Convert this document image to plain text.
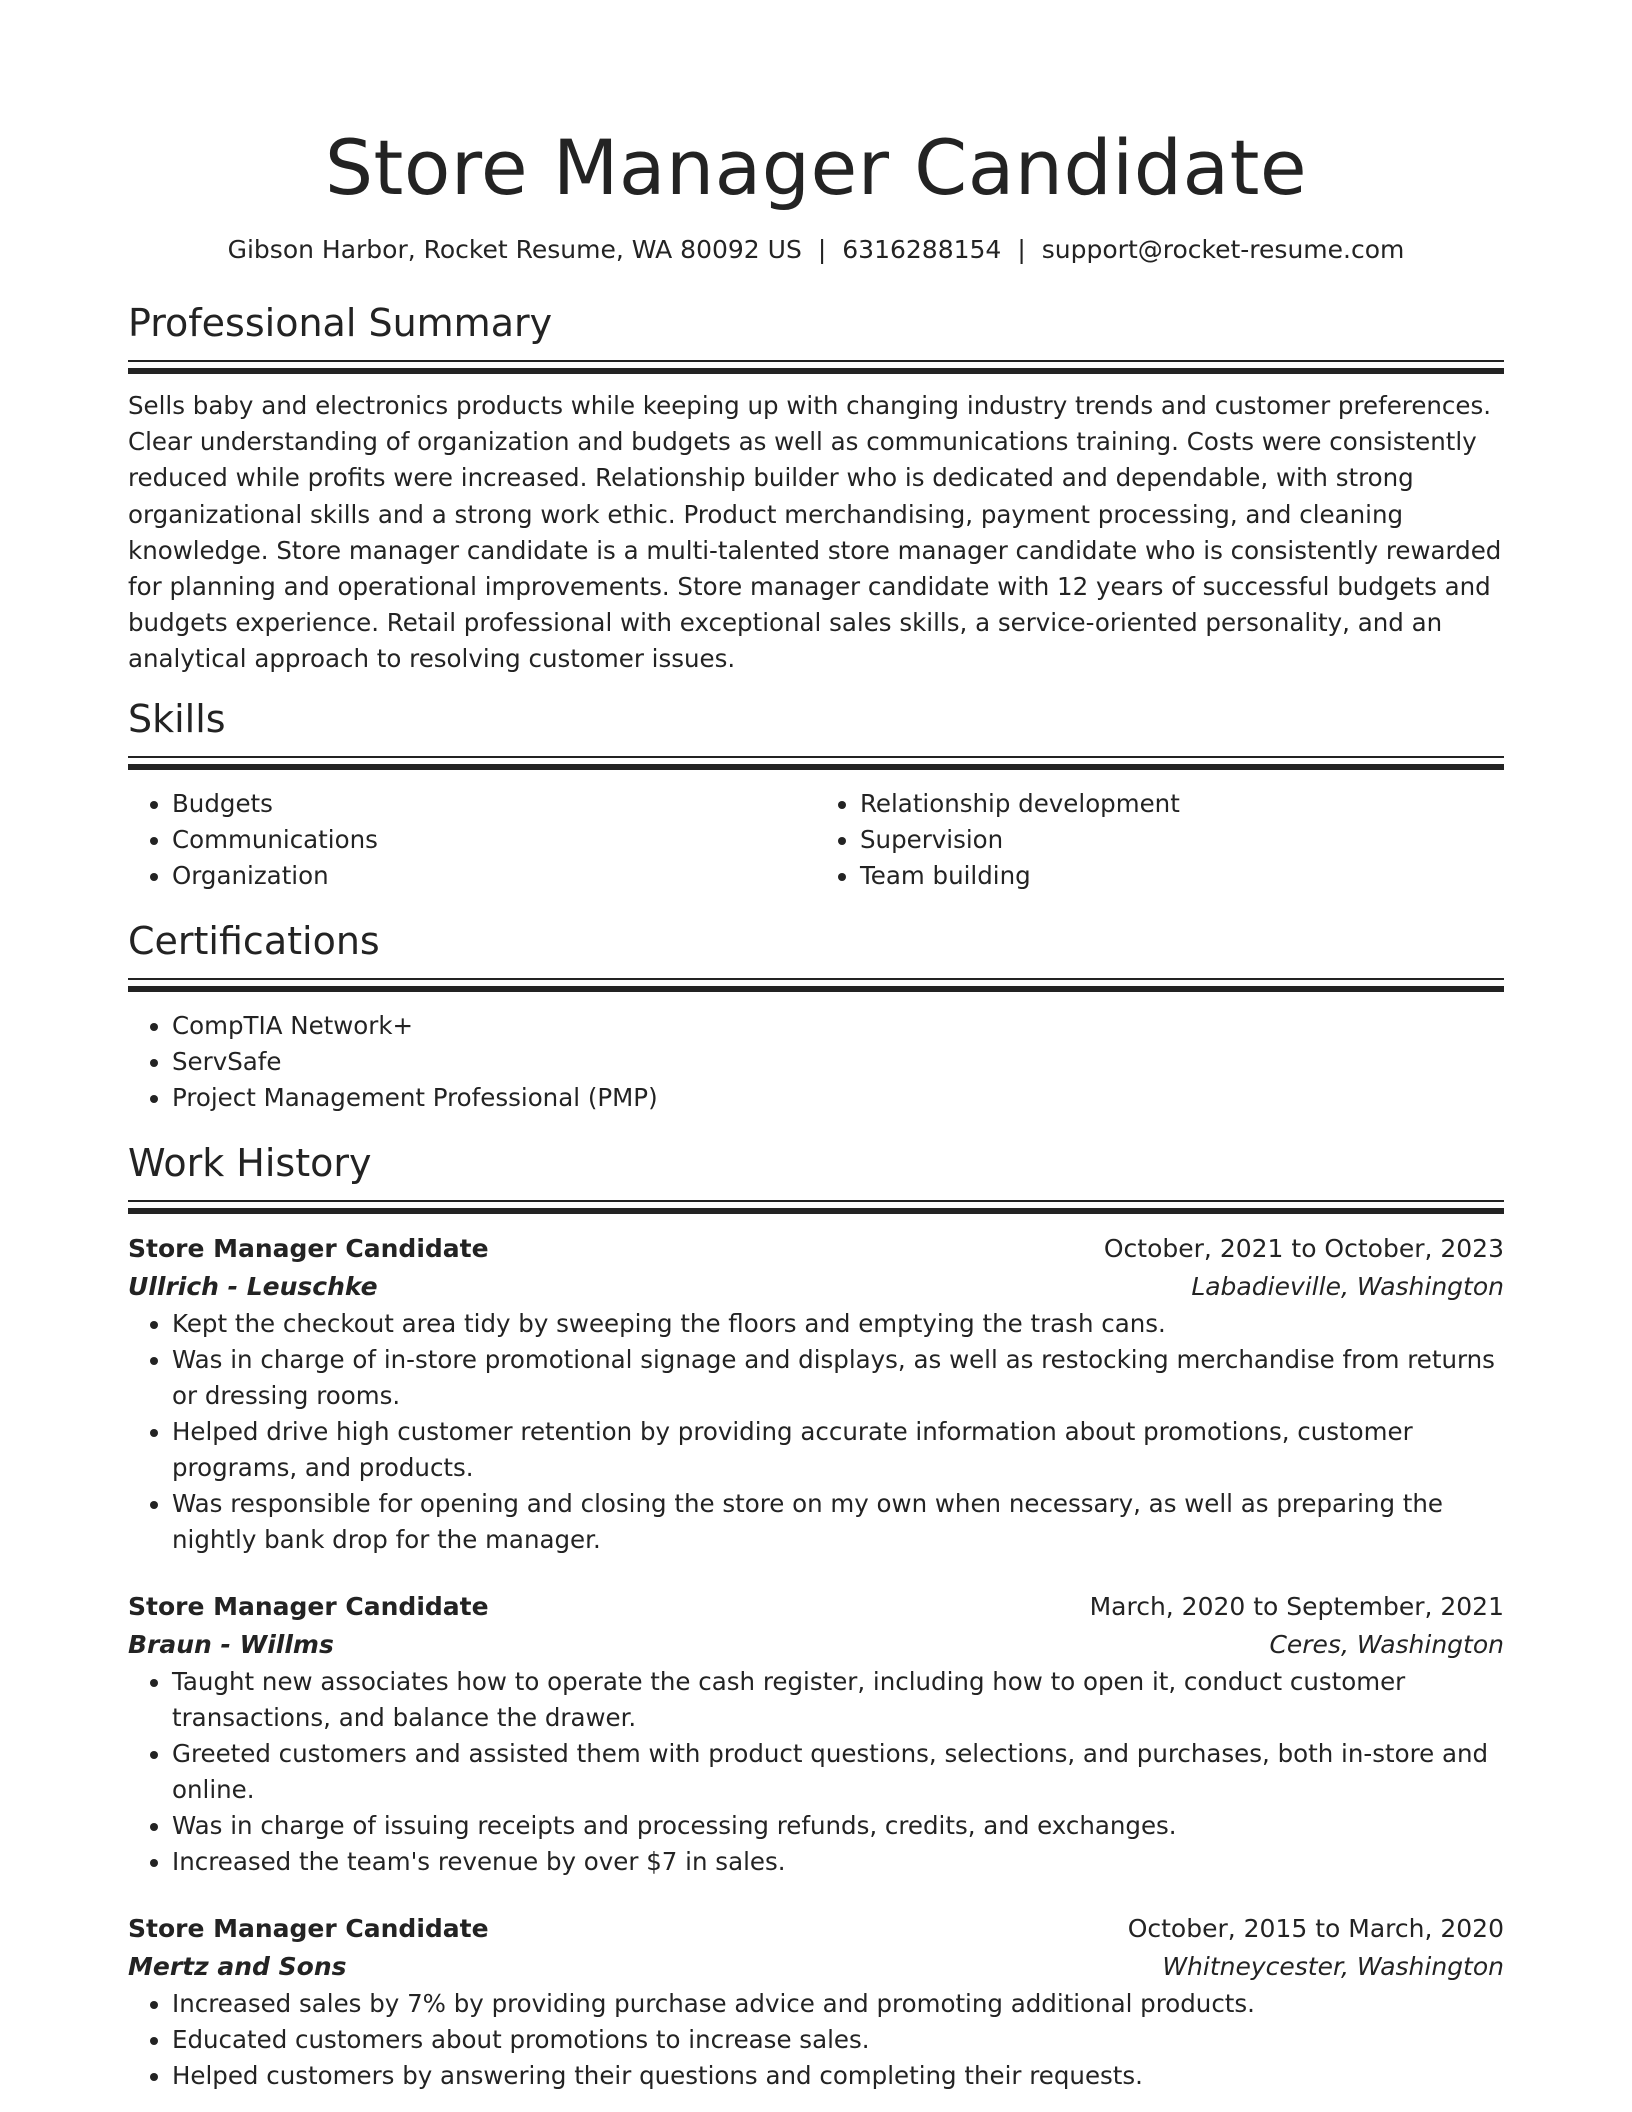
Store Manager Candidate
Gibson Harbor, Rocket Resume, WA 80092 US | 6316288154 | support@rocket-resume.com
Professional Summary

Sells baby and electronics products while keeping up with changing industry trends and customer preferences. Clear understanding of organization and budgets as well as communications training. Costs were consistently reduced while profits were increased. Relationship builder who is dedicated and dependable, with strong organizational skills and a strong work ethic. Product merchandising, payment processing, and cleaning knowledge. Store manager candidate is a multi-talented store manager candidate who is consistently rewarded for planning and operational improvements. Store manager candidate with 12 years of successful budgets and budgets experience. Retail professional with exceptional sales skills, a service-oriented personality, and an analytical approach to resolving customer issues.

Skills
• Budgets
• Communications
• Organization
• Relationship development
• Supervision
• Team building
Certifications
• CompTIA Network+
• ServSafe
• Project Management Professional (PMP)
Work History
Store Manager Candidate	October, 2021 to October, 2023
Ullrich - Leuschke	Labadieville, Washington
• Kept the checkout area tidy by sweeping the floors and emptying the trash cans.
• Was in charge of in-store promotional signage and displays, as well as restocking merchandise from returns or dressing rooms.
• Helped drive high customer retention by providing accurate information about promotions, customer programs, and products.
• Was responsible for opening and closing the store on my own when necessary, as well as preparing the nightly bank drop for the manager.
Store Manager Candidate	March, 2020 to September, 2021
Braun - Willms	Ceres, Washington
• Taught new associates how to operate the cash register, including how to open it, conduct customer transactions, and balance the drawer.
• Greeted customers and assisted them with product questions, selections, and purchases, both in-store and online.
• Was in charge of issuing receipts and processing refunds, credits, and exchanges.
• Increased the team's revenue by over $7 in sales.
Store Manager Candidate	October, 2015 to March, 2020
Mertz and Sons	Whitneycester, Washington
• Increased sales by 7% by providing purchase advice and promoting additional products.
• Educated customers about promotions to increase sales.
• Helped customers by answering their questions and completing their requests.
